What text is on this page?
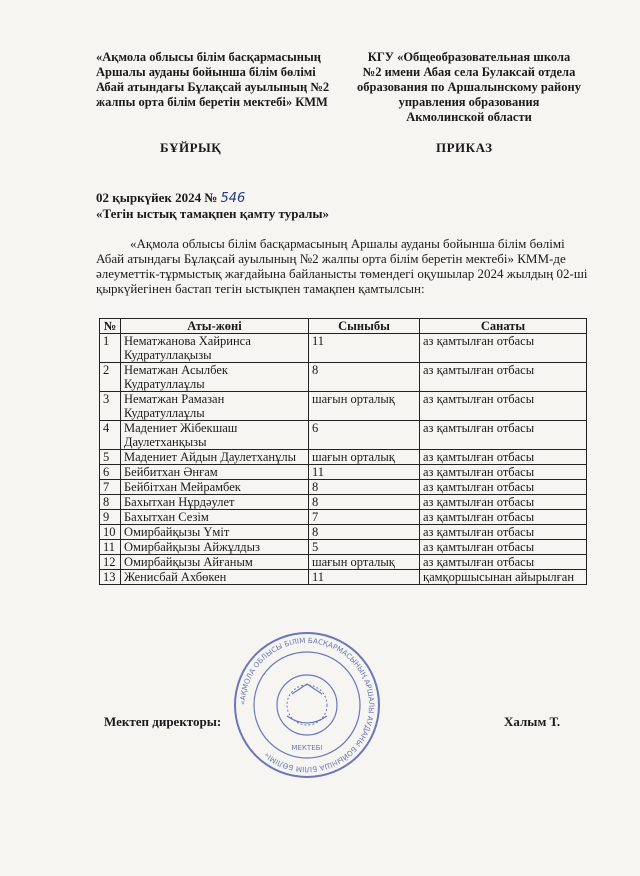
«Ақмола облысы білім басқармасының
Аршалы ауданы бойынша білім бөлімі
Абай атындағы Бұлақсай ауылының №2
жалпы орта білім беретін мектебі» КММ
КГУ «Общеобразовательная школа
№2 имени Абая села Булаксай отдела
образования по Аршалынскому району
управления образования
Акмолинской области
БҰЙРЫҚ	ПРИКАЗ
02 қыркүйек 2024 № 546
«Тегін ыстық тамақпен қамту туралы»
«Ақмола облысы білім басқармасының Аршалы ауданы бойынша білім бөлімі Абай атындағы Бұлақсай ауылының №2 жалпы орта білім беретін мектебі» КММ-де әлеуметтік-тұрмыстық жағдайына байланысты төмендегі оқушылар 2024 жылдың 02-ші қыркүйегінен бастап тегін ыстықпен тамақпен қамтылсын:
№	Аты-жөні	Сыныбы	Санаты
1	Нематжанова Хайринса Кудратуллақызы	11	аз қамтылған отбасы
2	Нематжан Асылбек Кудратуллаұлы	8	аз қамтылған отбасы
3	Нематжан Рамазан Кудратуллаұлы	шағын орталық	аз қамтылған отбасы
4	Мадениет Жібекшаш Даулетханқызы	6	аз қамтылған отбасы
5	Мадениет Айдын Даулетханұлы	шағын орталық	аз қамтылған отбасы
6	Бейбитхан Әнғам	11	аз қамтылған отбасы
7	Бейбітхан Мейрамбек	8	аз қамтылған отбасы
8	Бахытхан Нұрдәулет	8	аз қамтылған отбасы
9	Бахытхан Сезім	7	аз қамтылған отбасы
10	Омирбайқызы Үміт	8	аз қамтылған отбасы
11	Омирбайқызы Айжұлдыз	5	аз қамтылған отбасы
12	Омирбайқызы Айғаным	шағын орталық	аз қамтылған отбасы
13	Женисбай Ахбөкен	11	қамқоршысынан айырылған
«АҚМОЛА ОБЛЫСЫ БІЛІМ БАСҚАРМАСЫНЫҢ АРШАЛЫ АУДАНЫ БОЙЫНША БІЛІМ БӨЛІМІ»
МЕКТЕБІ
Мектеп директоры:	Халым Т.
